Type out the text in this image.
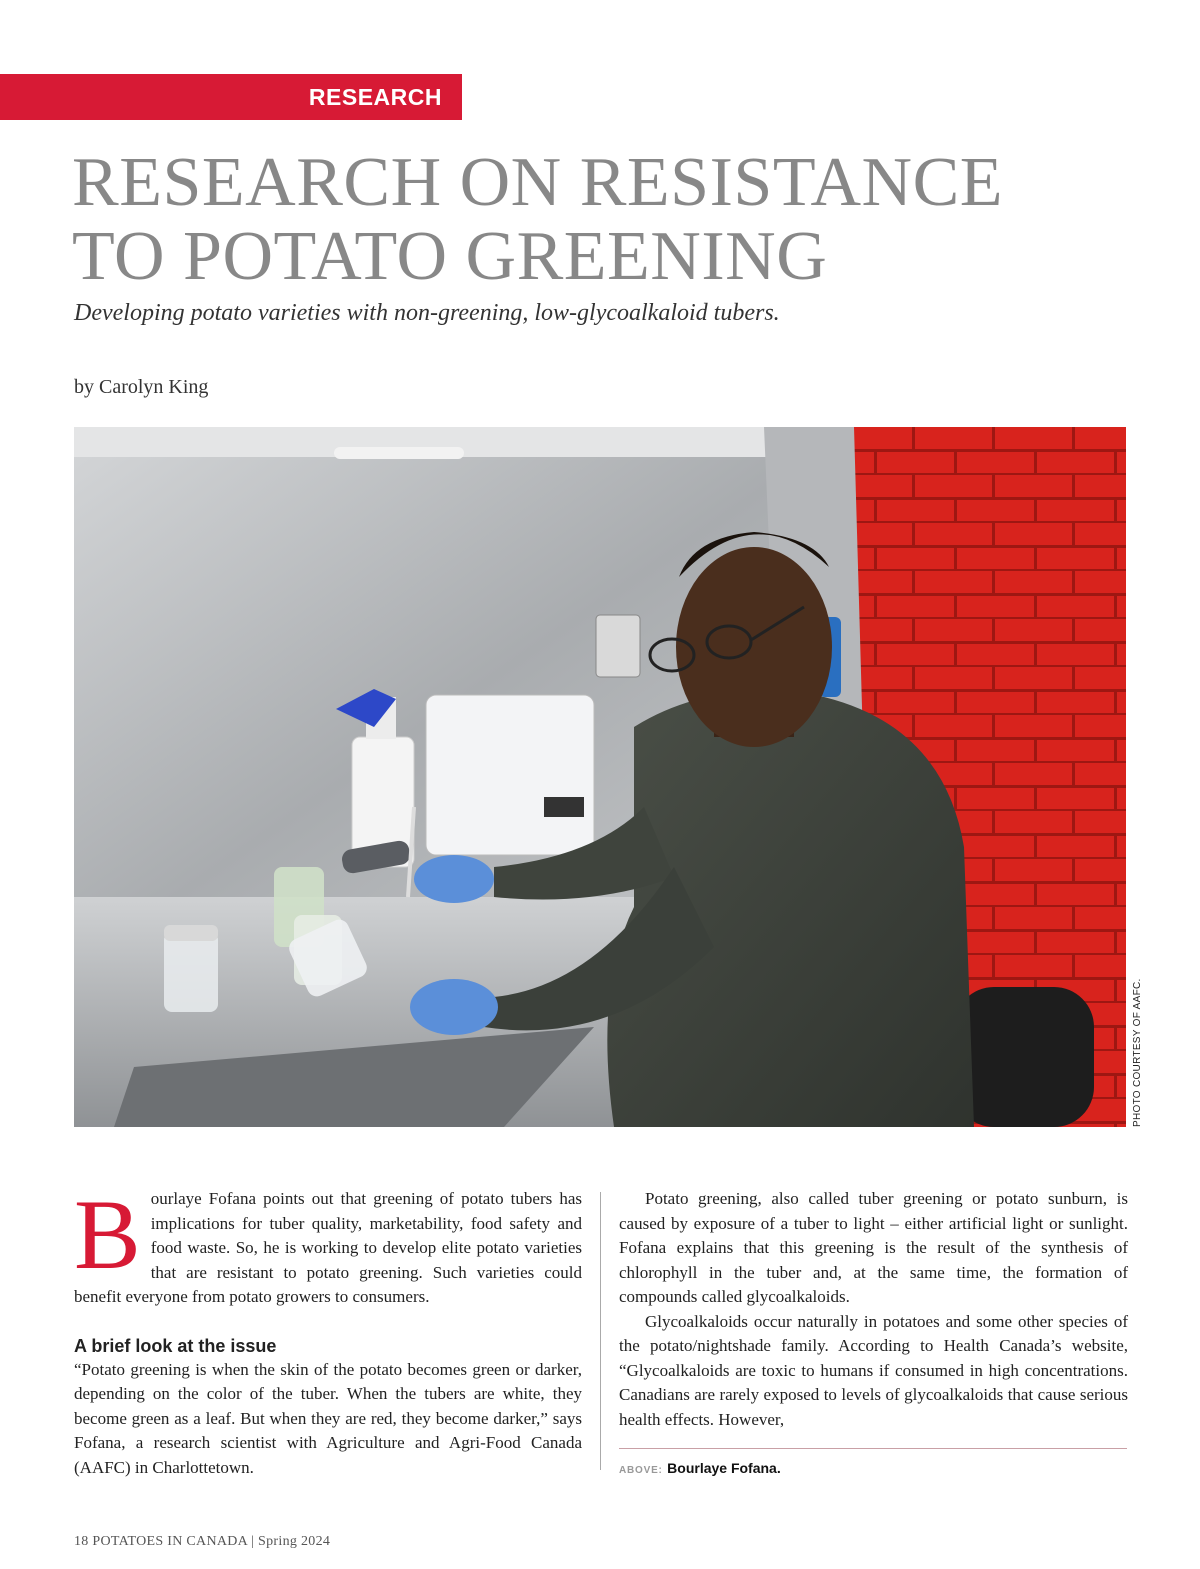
RESEARCH
RESEARCH ON RESISTANCE
TO POTATO GREENING

Developing potato varieties with non-greening, low-glycoalkaloid tubers.

by Carolyn King

PHOTO COURTESY OF AAFC.

Bourlaye Fofana points out that greening of potato tubers has implications for tuber quality, marketability, food safety and food waste. So, he is working to develop elite potato varieties that are resistant to potato greening. Such varieties could benefit everyone from potato growers to consumers.

A brief look at the issue

“Potato greening is when the skin of the potato becomes green or darker, depending on the color of the tuber. When the tubers are white, they become green as a leaf. But when they are red, they become darker,” says Fofana, a research scientist with Agriculture and Agri-Food Canada (AAFC) in Charlottetown.

Potato greening, also called tuber greening or potato sunburn, is caused by exposure of a tuber to light – either artificial light or sunlight. Fofana explains that this greening is the result of the synthesis of chlorophyll in the tuber and, at the same time, the formation of compounds called glycoalkaloids.

Glycoalkaloids occur naturally in potatoes and some other species of the potato/nightshade family. According to Health Canada’s website, “Glycoalkaloids are toxic to humans if consumed in high concentrations. Canadians are rarely exposed to levels of glycoalkaloids that cause serious health effects. However,

ABOVE: Bourlaye Fofana.
18 POTATOES IN CANADA | Spring 2024
